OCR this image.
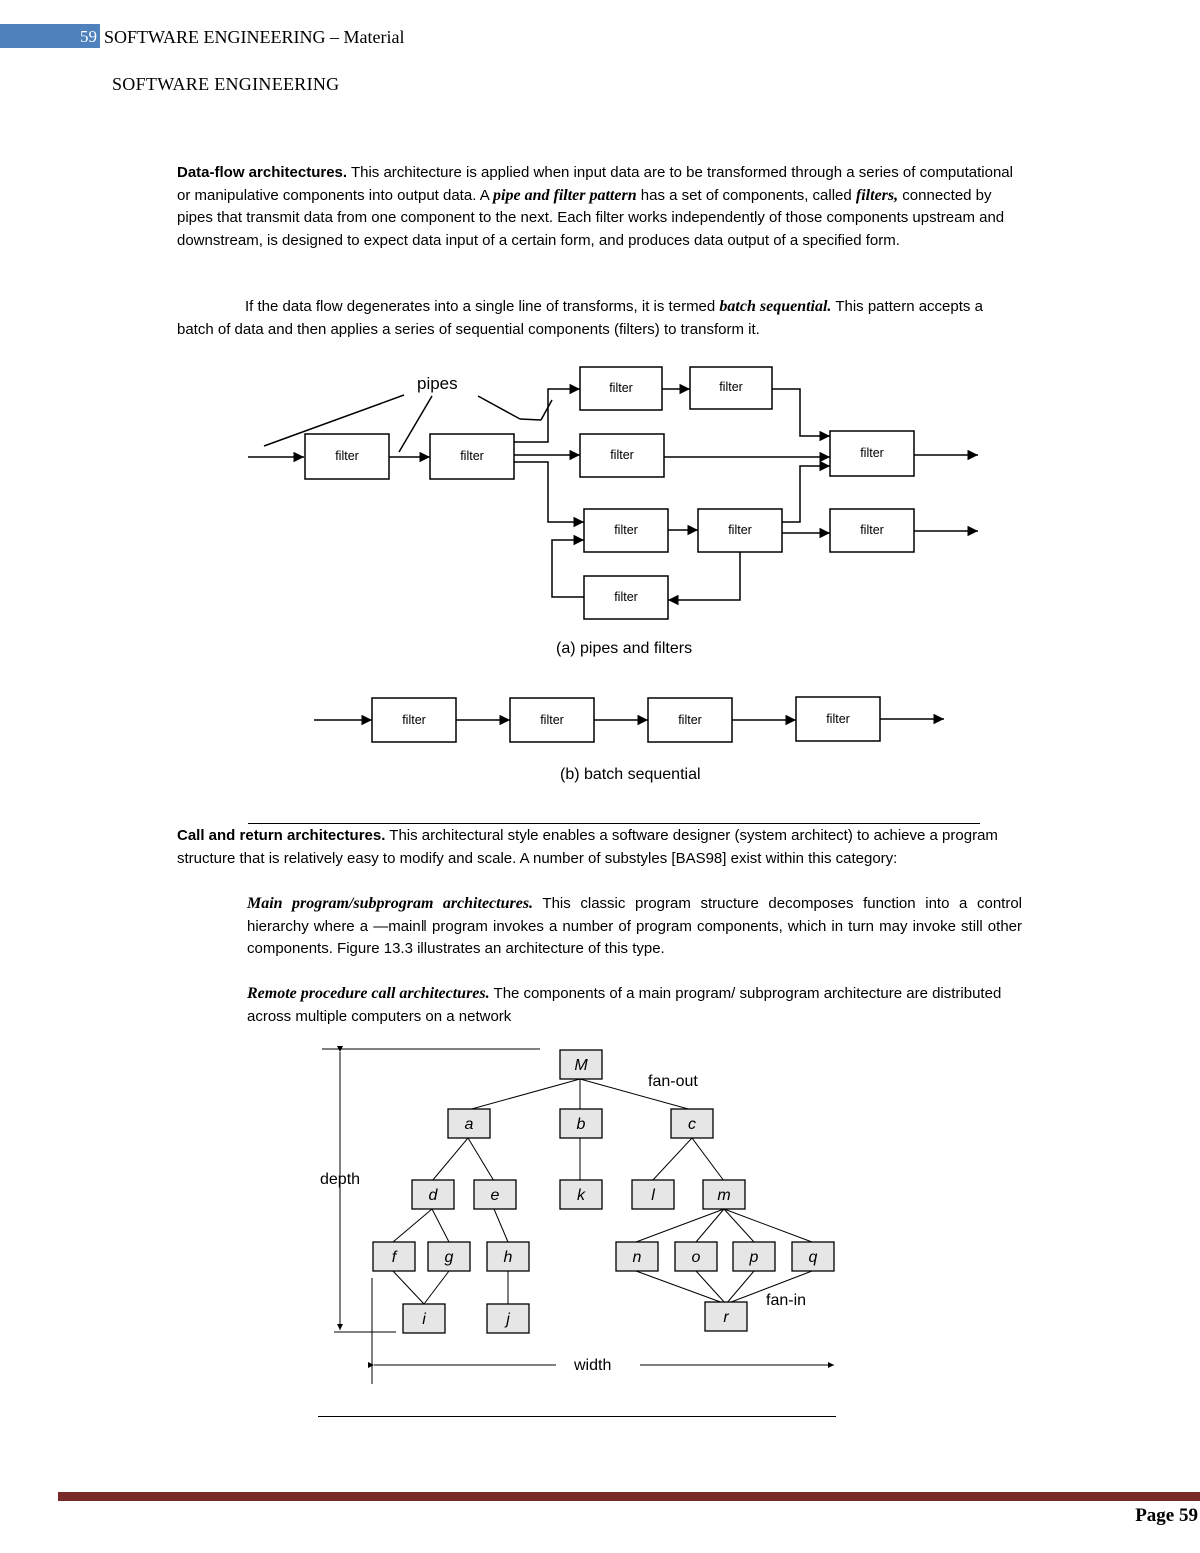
59 SOFTWARE ENGINEERING – Material
SOFTWARE ENGINEERING
Data-flow architectures. This architecture is applied when input data are to be transformed through a series of computational or manipulative components into output data. A pipe and filter pattern has a set of components, called filters, connected by pipes that transmit data from one component to the next. Each filter works independently of those components upstream and downstream, is designed to expect data input of a certain form, and produces data output of a specified form.
If the data flow degenerates into a single line of transforms, it is termed batch sequential. This pattern accepts a batch of data and then applies a series of sequential components (filters) to transform it.
filter	filter
filter	filter
filter	filter
filter	filter	filter
filter
pipes
(a) pipes and filters
filter	filter	filter	filter
(b) batch sequential
M
a	b	c
d	e	k	l	m
f	g	h	n	o	p	q
i	j	r
depth
width
fan-out
fan-in
Call and return architectures. This architectural style enables a software designer (system architect) to achieve a program structure that is relatively easy to modify and scale. A number of substyles [BAS98] exist within this category:
Main program/subprogram architectures. This classic program structure decomposes function into a control hierarchy where a ―main‖ program invokes a number of program components, which in turn may invoke still other components. Figure 13.3 illustrates an architecture of this type.
Remote procedure call architectures. The components of a main program/ subprogram architecture are distributed across multiple computers on a network
Page 59
